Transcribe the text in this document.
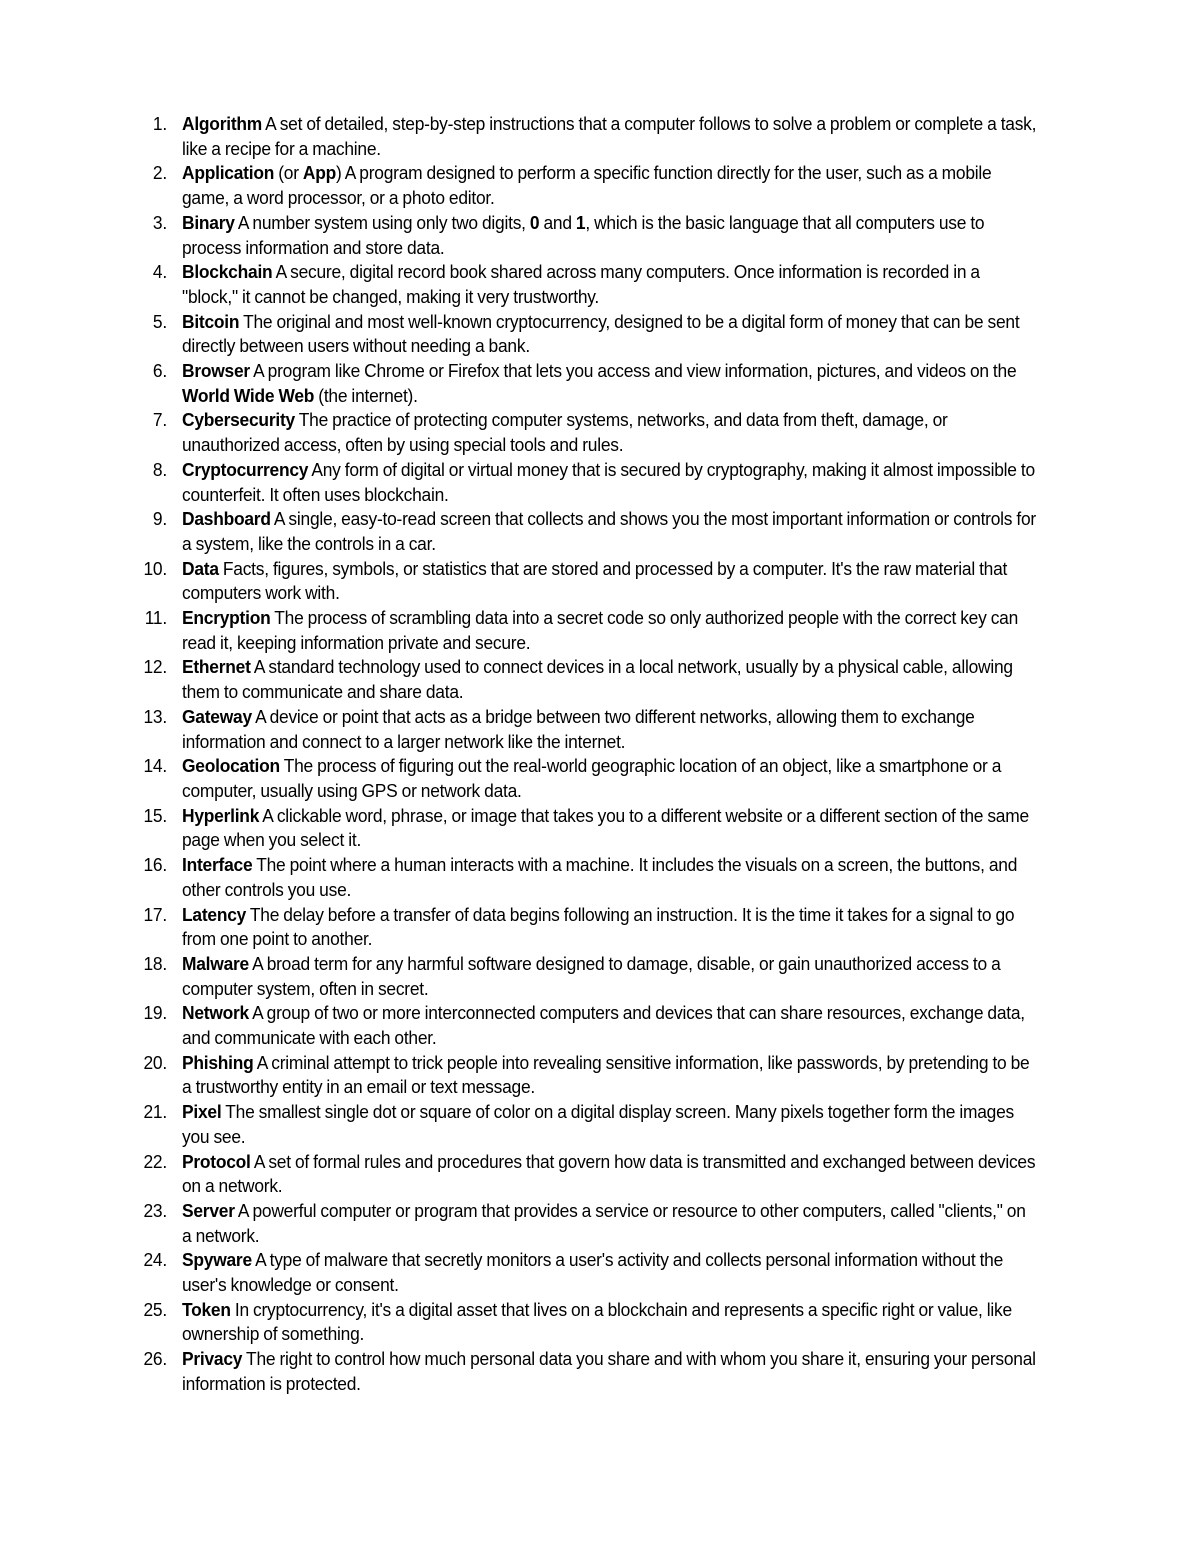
1. Algorithm A set of detailed, step-by-step instructions that a computer follows to solve a problem or complete a task, like a recipe for a machine.
2. Application (or App) A program designed to perform a specific function directly for the user, such as a mobile game, a word processor, or a photo editor.
3. Binary A number system using only two digits, 0 and 1, which is the basic language that all computers use to process information and store data.
4. Blockchain A secure, digital record book shared across many computers. Once information is recorded in a "block," it cannot be changed, making it very trustworthy.
5. Bitcoin The original and most well-known cryptocurrency, designed to be a digital form of money that can be sent directly between users without needing a bank.
6. Browser A program like Chrome or Firefox that lets you access and view information, pictures, and videos on the World Wide Web (the internet).
7. Cybersecurity The practice of protecting computer systems, networks, and data from theft, damage, or unauthorized access, often by using special tools and rules.
8. Cryptocurrency Any form of digital or virtual money that is secured by cryptography, making it almost impossible to counterfeit. It often uses blockchain.
9. Dashboard A single, easy-to-read screen that collects and shows you the most important information or controls for a system, like the controls in a car.
10. Data Facts, figures, symbols, or statistics that are stored and processed by a computer. It's the raw material that computers work with.
11. Encryption The process of scrambling data into a secret code so only authorized people with the correct key can read it, keeping information private and secure.
12. Ethernet A standard technology used to connect devices in a local network, usually by a physical cable, allowing them to communicate and share data.
13. Gateway A device or point that acts as a bridge between two different networks, allowing them to exchange information and connect to a larger network like the internet.
14. Geolocation The process of figuring out the real-world geographic location of an object, like a smartphone or a computer, usually using GPS or network data.
15. Hyperlink A clickable word, phrase, or image that takes you to a different website or a different section of the same page when you select it.
16. Interface The point where a human interacts with a machine. It includes the visuals on a screen, the buttons, and other controls you use.
17. Latency The delay before a transfer of data begins following an instruction. It is the time it takes for a signal to go from one point to another.
18. Malware A broad term for any harmful software designed to damage, disable, or gain unauthorized access to a computer system, often in secret.
19. Network A group of two or more interconnected computers and devices that can share resources, exchange data, and communicate with each other.
20. Phishing A criminal attempt to trick people into revealing sensitive information, like passwords, by pretending to be a trustworthy entity in an email or text message.
21. Pixel The smallest single dot or square of color on a digital display screen. Many pixels together form the images you see.
22. Protocol A set of formal rules and procedures that govern how data is transmitted and exchanged between devices on a network.
23. Server A powerful computer or program that provides a service or resource to other computers, called "clients," on a network.
24. Spyware A type of malware that secretly monitors a user's activity and collects personal information without the user's knowledge or consent.
25. Token In cryptocurrency, it's a digital asset that lives on a blockchain and represents a specific right or value, like ownership of something.
26. Privacy The right to control how much personal data you share and with whom you share it, ensuring your personal information is protected.
